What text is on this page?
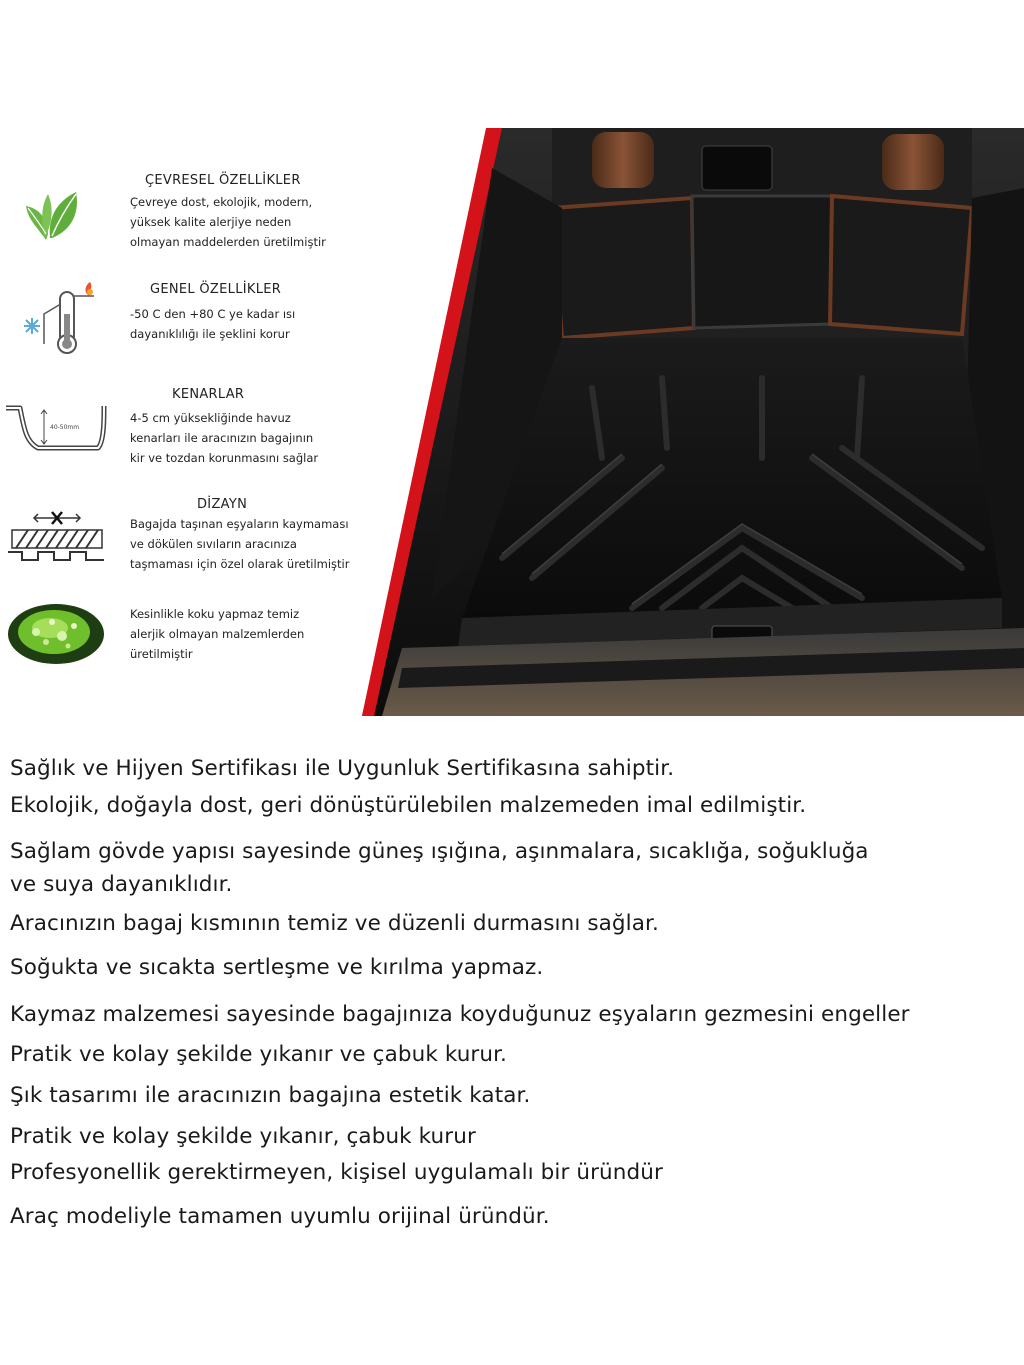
ÇEVRESEL ÖZELLİKLER
Çevreye dost, ekolojik, modern,
yüksek kalite alerjiye neden
olmayan maddelerden üretilmiştir
GENEL ÖZELLİKLER
-50 C den +80 C ye kadar ısı
dayanıklılığı ile şeklini korur
40-50mm
KENARLAR
4-5 cm yüksekliğinde havuz
kenarları ile aracınızın bagajının
kir ve tozdan korunmasını sağlar
DİZAYN
Bagajda taşınan eşyaların kaymaması
ve dökülen sıvıların aracınıza
taşmaması için özel olarak üretilmiştir
Kesinlikle koku yapmaz temiz
alerjik olmayan malzemlerden
üretilmiştir
Sağlık ve Hijyen Sertifikası ile Uygunluk Sertifikasına sahiptir.
Ekolojik, doğayla dost, geri dönüştürülebilen malzemeden imal edilmiştir.
Sağlam gövde yapısı sayesinde güneş ışığına, aşınmalara, sıcaklığa, soğukluğa
ve suya dayanıklıdır.
Aracınızın bagaj kısmının temiz ve düzenli durmasını sağlar.
Soğukta ve sıcakta sertleşme ve kırılma yapmaz.
Kaymaz malzemesi sayesinde bagajınıza koyduğunuz eşyaların gezmesini engeller
Pratik ve kolay şekilde yıkanır ve çabuk kurur.
Şık tasarımı ile aracınızın bagajına estetik katar.
Pratik ve kolay şekilde yıkanır, çabuk kurur
Profesyonellik gerektirmeyen, kişisel uygulamalı bir üründür
Araç modeliyle tamamen uyumlu orijinal üründür.
